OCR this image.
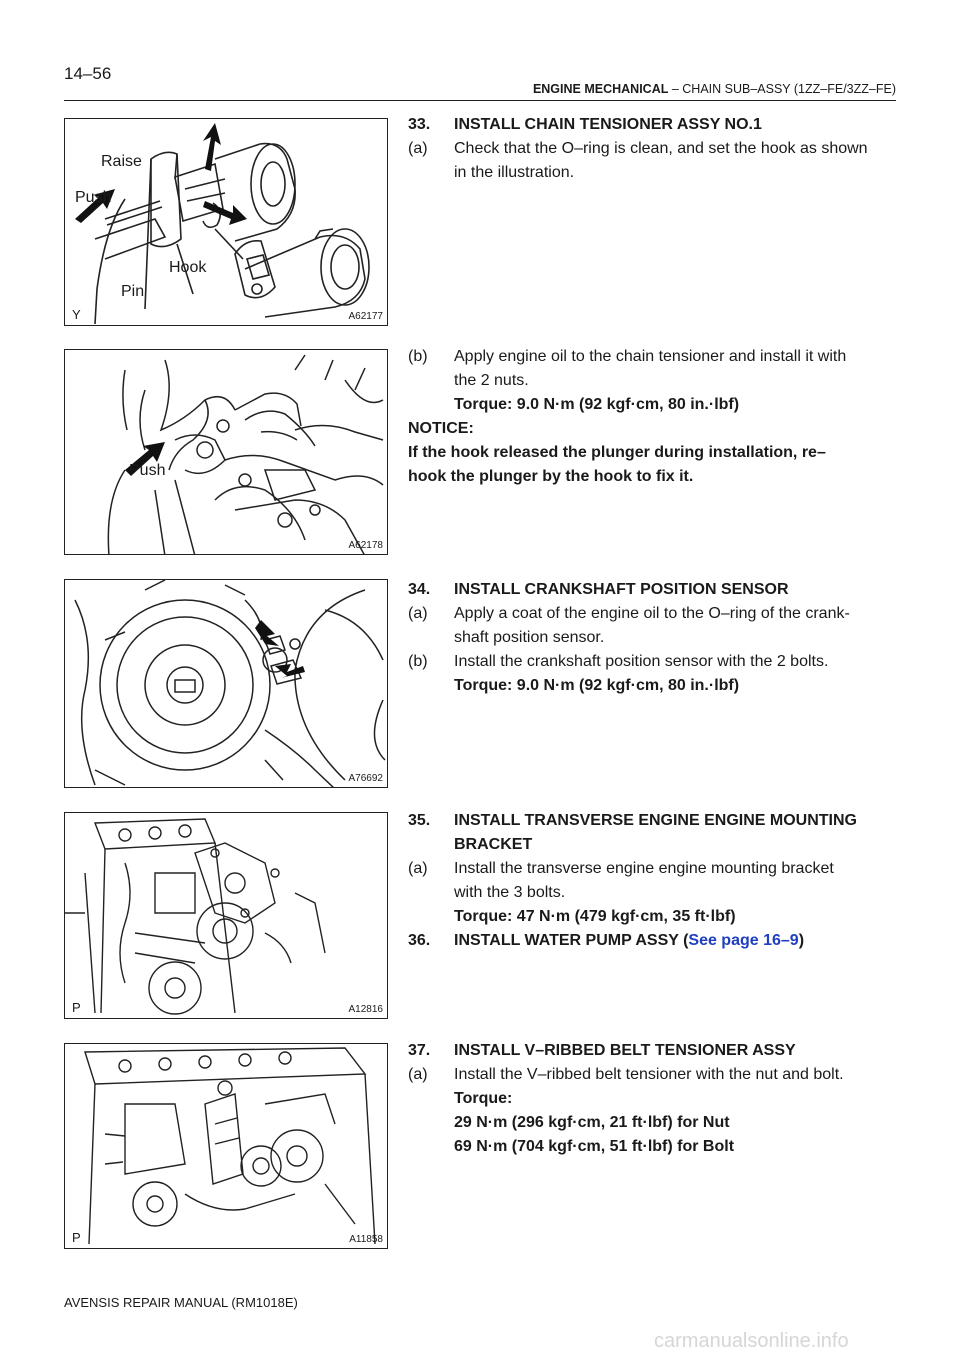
14–56
ENGINE MECHANICAL – CHAIN SUB–ASSY (1ZZ–FE/3ZZ–FE)
Raise
Push
Hook
Pin
Y	A62177
Push
A62178
A76692
P	A12816
P	A11858
33. INSTALL CHAIN TENSIONER ASSY NO.1
(a) Check that the O–ring is clean, and set the hook as shown
in the illustration.
(b) Apply engine oil to the chain tensioner and install it with
the 2 nuts.
Torque: 9.0 N·m (92 kgf·cm, 80 in.·lbf)
NOTICE:
If the hook released the plunger during installation, re–
hook the plunger by the hook to fix it.
34. INSTALL CRANKSHAFT POSITION SENSOR
(a) Apply a coat of the engine oil to the O–ring of the crank-
shaft position sensor.
(b) Install the crankshaft position sensor with the 2 bolts.
Torque: 9.0 N·m (92 kgf·cm, 80 in.·lbf)
35. INSTALL TRANSVERSE ENGINE ENGINE MOUNTING
BRACKET
(a) Install the transverse engine engine mounting bracket
with the 3 bolts.
Torque: 47 N·m (479 kgf·cm, 35 ft·lbf)
36. INSTALL WATER PUMP ASSY (See page 16–9)
37. INSTALL V–RIBBED BELT TENSIONER ASSY
(a) Install the V–ribbed belt tensioner with the nut and bolt.
Torque:
29 N·m (296 kgf·cm, 21 ft·lbf) for Nut
69 N·m (704 kgf·cm, 51 ft·lbf) for Bolt
AVENSIS REPAIR MANUAL (RM1018E)
carmanualsonline.info
